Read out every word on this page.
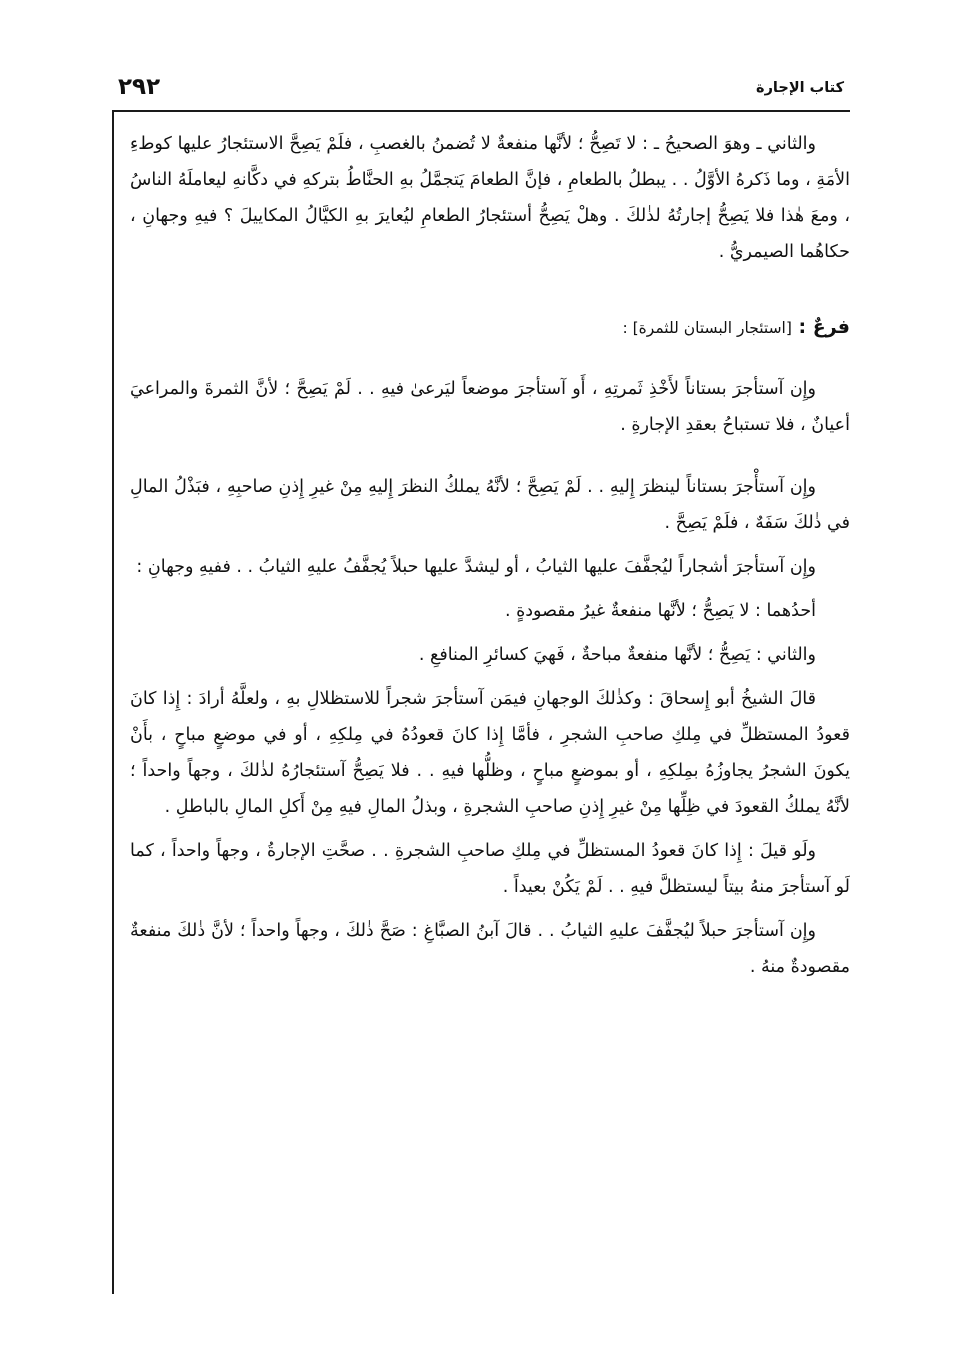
كتاب الإجارة
٢٩٢

والثاني ـ وهوَ الصحيحُ ـ : لا تَصِحُّ ؛ لأنَّها منفعةٌ لا تُضمنُ بالغصبِ ، فلَمْ يَصِحَّ الاستئجارُ عليها كوطءِ الأمَةِ ، وما ذَكرهُ الأوَّلُ . . يبطلُ بالطعامِ ، فإنَّ الطعامَ يَتجمَّلُ بهِ الحنَّاطُ بتركهِ في دكَّانهِ ليعاملَهُ الناسُ ، ومعَ هٰذا فلا يَصِحُّ إجارتُهُ لذٰلكَ . وهلْ يَصِحُّ أستئجارُ الطعامِ ليُعايرَ بهِ الكيَّالُ المكاييلَ ؟ فيهِ وجهانِ ، حكاهُما الصيمريُّ .

فرعٌ : [استئجار البستان للثمرة] :

وإِن آستأجرَ بستاناً لأَخْذِ ثَمرتِهِ ، أَو آستأجرَ موضعاً ليَرعىٰ فيهِ . . لَمْ يَصِحَّ ؛ لأنَّ الثمرةَ والمراعيَ أعيانٌ ، فلا تستباحُ بعقدِ الإجارةِ .

وإِن آستأْجرَ بستاناً لينظرَ إِليهِ . . لَمْ يَصِحَّ ؛ لأنَّهُ يملكُ النظرَ إِليهِ مِنْ غيرِ إِذنِ صاحبِهِ ، فبَذْلُ المالِ في ذٰلكَ سَفَهٌ ، فلَمْ يَصِحَّ .

وإِن آستأجرَ أشجاراً ليُجفَّفَ عليها الثيابُ ، أو ليشدَّ عليها حبلاً يُجفَّفُ عليهِ الثيابُ . . ففيهِ وجهانِ :

أحدُهما : لا يَصِحُّ ؛ لأنَّها منفعةٌ غيرُ مقصودةٍ .

والثاني : يَصِحُّ ؛ لأنَّها منفعةٌ مباحةٌ ، فَهيَ كسائرِ المنافعِ .

قالَ الشيخُ أبو إِسحاقَ : وكذٰلكَ الوجهانِ فيمَن آستأجرَ شجراً للاستظلالِ بهِ ، ولعلَّهُ أرادَ : إِذا كانَ قعودُ المستظلِّ في مِلكِ صاحبِ الشجرِ ، فأمَّا إِذا كانَ قعودُهُ في مِلكِهِ ، أو في موضعٍ مباحٍ ، بأَنْ يكونَ الشجرُ يجاوزُهُ بمِلكِهِ ، أو بموضعٍ مباحٍ ، وظلُّها فيهِ . . فلا يَصِحُّ آستئجارُهُ لذٰلكَ ، وجهاً واحداً ؛ لأنَّهُ يملكُ القعودَ في ظِلِّها مِنْ غيرِ إِذنِ صاحبِ الشجرةِ ، وبذلُ المالِ فيهِ مِنْ أَكلِ المالِ بالباطلِ .

ولَو قيلَ : إِذا كانَ قعودُ المستظلِّ في مِلكِ صاحبِ الشجرةِ . . صحَّتِ الإجارةُ ، وجهاً واحداً ، كما لَو آستأجرَ منهُ بيتاً ليستظلَّ فيهِ . . لَمْ يَكُنْ بعيداً .

وإِن آستأجرَ حبلاً ليُجفَّفَ عليهِ الثيابُ . . قالَ آبنُ الصبَّاغِ : صَحَّ ذٰلكَ ، وجهاً واحداً ؛ لأنَّ ذٰلكَ منفعةٌ مقصودةٌ منهُ .
